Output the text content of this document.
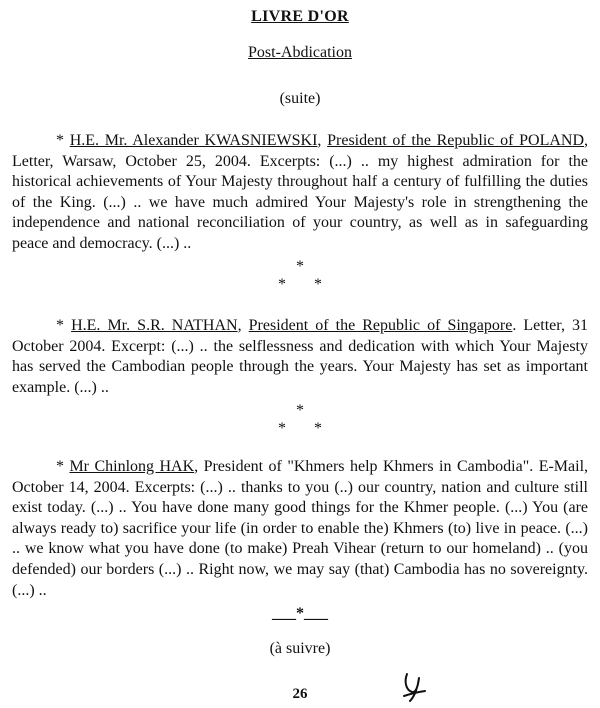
LIVRE D'OR
Post-Abdication
(suite)

* H.E. Mr. Alexander KWASNIEWSKI, President of the Republic of POLAND, Letter, Warsaw, October 25, 2004. Excerpts: (...) .. my highest admiration for the historical achievements of Your Majesty throughout half a century of fulfilling the duties of the King. (...) .. we have much admired Your Majesty's role in strengthening the independence and national reconciliation of your country, as well as in safeguarding peace and democracy. (...) ..

*
* *

* H.E. Mr. S.R. NATHAN, President of the Republic of Singapore. Letter, 31 October 2004. Excerpt: (...) .. the selflessness and dedication with which Your Majesty has served the Cambodian people through the years. Your Majesty has set as important example. (...) ..

*
* *

* Mr Chinlong HAK, President of "Khmers help Khmers in Cambodia". E-Mail, October 14, 2004. Excerpts: (...) .. thanks to you (..) our country, nation and culture still exist today. (...) .. You have done many good things for the Khmer people. (...) You (are always ready to) sacrifice your life (in order to enable the) Khmers (to) live in peace. (...) .. we know what you have done (to make) Preah Vihear (return to our homeland) .. (you defended) our borders (...) .. Right now, we may say (that) Cambodia has no sovereignty. (...) ..

___*___
(à suivre)
26
